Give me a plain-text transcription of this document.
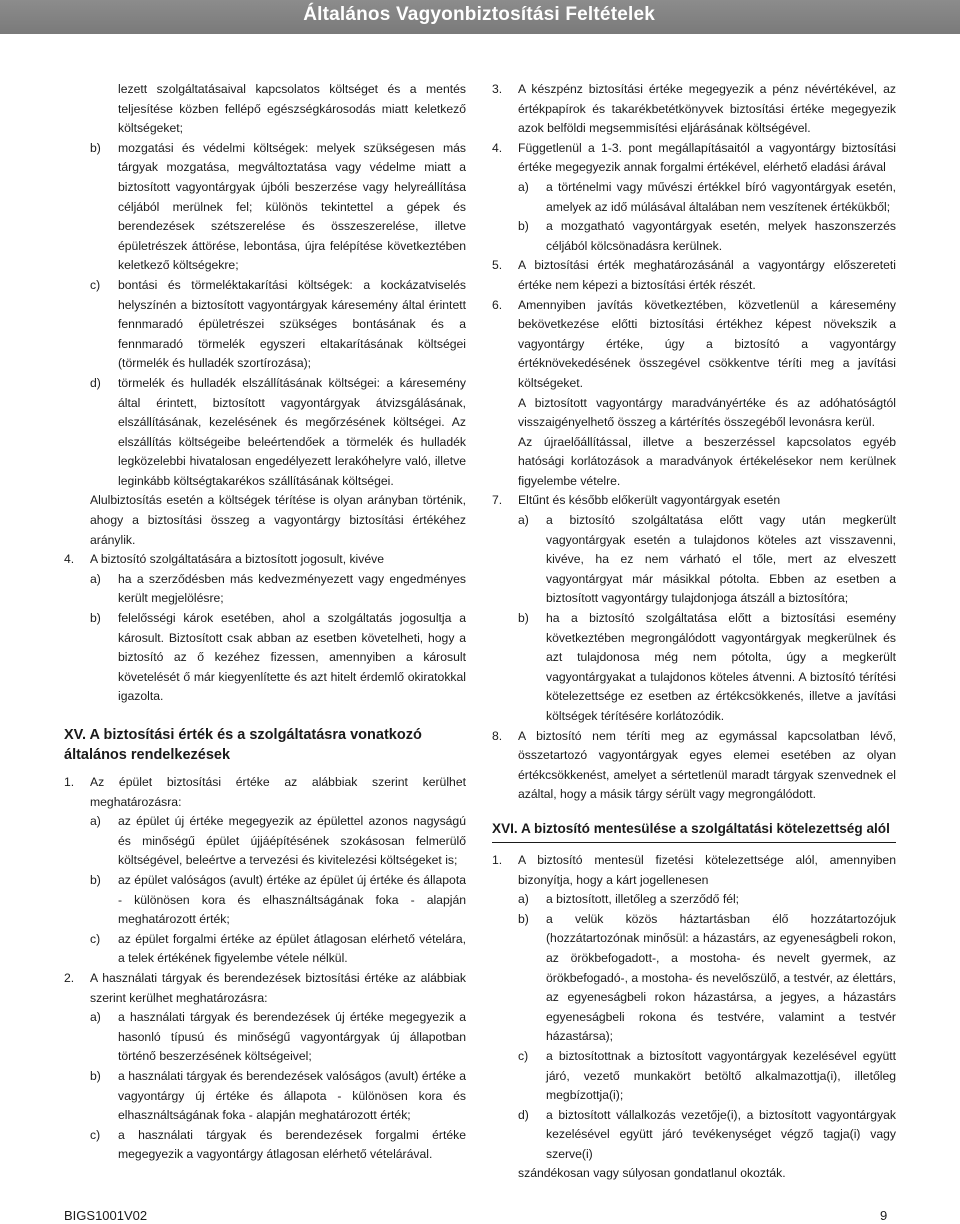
Általános Vagyonbiztosítási Feltételek

lezett szolgáltatásaival kapcsolatos költséget és a mentés teljesítése közben fellépő egészségkárosodás miatt keletkező költségeket;

b)	mozgatási és védelmi költségek: melyek szükségesen más tárgyak mozgatása, megváltoztatása vagy védelme miatt a biztosított vagyontárgyak újbóli beszerzése vagy helyreállítása céljából merülnek fel; különös tekintettel a gépek és berendezések szétszerelése és összeszerelése, illetve épületrészek áttörése, lebontása, újra felépítése következtében keletkező költségekre;
c)	bontási és törmeléktakarítási költségek: a kockázatviselés helyszínén a biztosított vagyontárgyak káresemény által érintett fennmaradó épületrészei szükséges bontásának és a fennmaradó törmelék egyszeri eltakarításának költségei (törmelék és hulladék szortírozása);
d)	törmelék és hulladék elszállításának költségei: a káresemény által érintett, biztosított vagyontárgyak átvizsgálásának, elszállításának, kezelésének és megőrzésének költségei. Az elszállítás költségeibe beleértendőek a törmelék és hulladék legközelebbi hivatalosan engedélyezett lerakóhelyre való, illetve leginkább költségtakarékos szállításának költségei.

Alulbiztosítás esetén a költségek térítése is olyan arányban történik, ahogy a biztosítási összeg a vagyontárgy biztosítási értékéhez aránylik.

4.	A biztosító szolgáltatására a biztosított jogosult, kivéve
a)	ha a szerződésben más kedvezményezett vagy engedményes került megjelölésre;
b)	felelősségi károk esetében, ahol a szolgáltatás jogosultja a károsult. Biztosított csak abban az esetben követelheti, hogy a biztosító az ő kezéhez fizessen, amennyiben a károsult követelését ő már kiegyenlítette és azt hitelt érdemlő okiratokkal igazolta.
XV. A biztosítási érték és a szolgáltatásra vonatkozó általános rendelkezések
1.	Az épület biztosítási értéke az alábbiak szerint kerülhet meghatározásra:
a)	az épület új értéke megegyezik az épülettel azonos nagyságú és minőségű épület újjáépítésének szokásosan felmerülő költségével, beleértve a tervezési és kivitelezési költségeket is;
b)	az épület valóságos (avult) értéke az épület új értéke és állapota - különösen kora és elhasználtságának foka - alapján meghatározott érték;
c)	az épület forgalmi értéke az épület átlagosan elérhető vételára, a telek értékének figyelembe vétele nélkül.
2.	A használati tárgyak és berendezések biztosítási értéke az alábbiak szerint kerülhet meghatározásra:
a)	a használati tárgyak és berendezések új értéke megegyezik a hasonló típusú és minőségű vagyontárgyak új állapotban történő beszerzésének költségeivel;
b)	a használati tárgyak és berendezések valóságos (avult) értéke a vagyontárgy új értéke és állapota - különösen kora és elhasználtságának foka - alapján meghatározott érték;
c)	a használati tárgyak és berendezések forgalmi értéke megegyezik a vagyontárgy átlagosan elérhető vételárával.
3.	A készpénz biztosítási értéke megegyezik a pénz névértékével, az értékpapírok és takarékbetétkönyvek biztosítási értéke megegyezik azok belföldi megsemmisítési eljárásának költségével.
4.	Függetlenül a 1-3. pont megállapításaitól a vagyontárgy biztosítási értéke megegyezik annak forgalmi értékével, elérhető eladási árával
a)	a történelmi vagy művészi értékkel bíró vagyontárgyak esetén, amelyek az idő múlásával általában nem veszítenek értékükből;
b)	a mozgatható vagyontárgyak esetén, melyek haszonszerzés céljából kölcsönadásra kerülnek.
5.	A biztosítási érték meghatározásánál a vagyontárgy előszereteti értéke nem képezi a biztosítási érték részét.
6.	Amennyiben javítás következtében, közvetlenül a káresemény bekövetkezése előtti biztosítási értékhez képest növekszik a vagyontárgy értéke, úgy a biztosító a vagyontárgy értéknövekedésének összegével csökkentve téríti meg a javítási költségeket.

A biztosított vagyontárgy maradványértéke és az adóhatóságtól visszaigényelhető összeg a kártérítés összegéből levonásra kerül.

Az újraelőállítással, illetve a beszerzéssel kapcsolatos egyéb hatósági korlátozások a maradványok értékelésekor nem kerülnek figyelembe vételre.

7.	Eltűnt és később előkerült vagyontárgyak esetén
a)	a biztosító szolgáltatása előtt vagy után megkerült vagyontárgyak esetén a tulajdonos köteles azt visszavenni, kivéve, ha ez nem várható el tőle, mert az elveszett vagyontárgyat már másikkal pótolta. Ebben az esetben a biztosított vagyontárgy tulajdonjoga átszáll a biztosítóra;
b)	ha a biztosító szolgáltatása előtt a biztosítási esemény következtében megrongálódott vagyontárgyak megkerülnek és azt tulajdonosa még nem pótolta, úgy a megkerült vagyontárgyakat a tulajdonos köteles átvenni. A biztosító térítési kötelezettsége ez esetben az értékcsökkenés, illetve a javítási költségek térítésére korlátozódik.
8.	A biztosító nem téríti meg az egymással kapcsolatban lévő, összetartozó vagyontárgyak egyes elemei esetében az olyan értékcsökkenést, amelyet a sértetlenül maradt tárgyak szenvednek el azáltal, hogy a másik tárgy sérült vagy megrongálódott.
XVI. A biztosító mentesülése a szolgáltatási kötelezettség alól
1.	A biztosító mentesül fizetési kötelezettsége alól, amennyiben bizonyítja, hogy a kárt jogellenesen
a)	a biztosított, illetőleg a szerződő fél;
b)	a velük közös háztartásban élő hozzátartozójuk (hozzátartozónak minősül: a házastárs, az egyeneságbeli rokon, az örökbefogadott-, a mostoha- és nevelt gyermek, az örökbefogadó-, a mostoha- és nevelőszülő, a testvér, az élettárs, az egyeneságbeli rokon házastársa, a jegyes, a házastárs egyeneságbeli rokona és testvére, valamint a testvér házastársa);
c)	a biztosítottnak a biztosított vagyontárgyak kezelésével együtt járó, vezető munkakört betöltő alkalmazottja(i), illetőleg megbízottja(i);
d)	a biztosított vállalkozás vezetője(i), a biztosított vagyontárgyak kezelésével együtt járó tevékenységet végző tagja(i) vagy szerve(i)

szándékosan vagy súlyosan gondatlanul okozták.

BIGS1001V02	9
